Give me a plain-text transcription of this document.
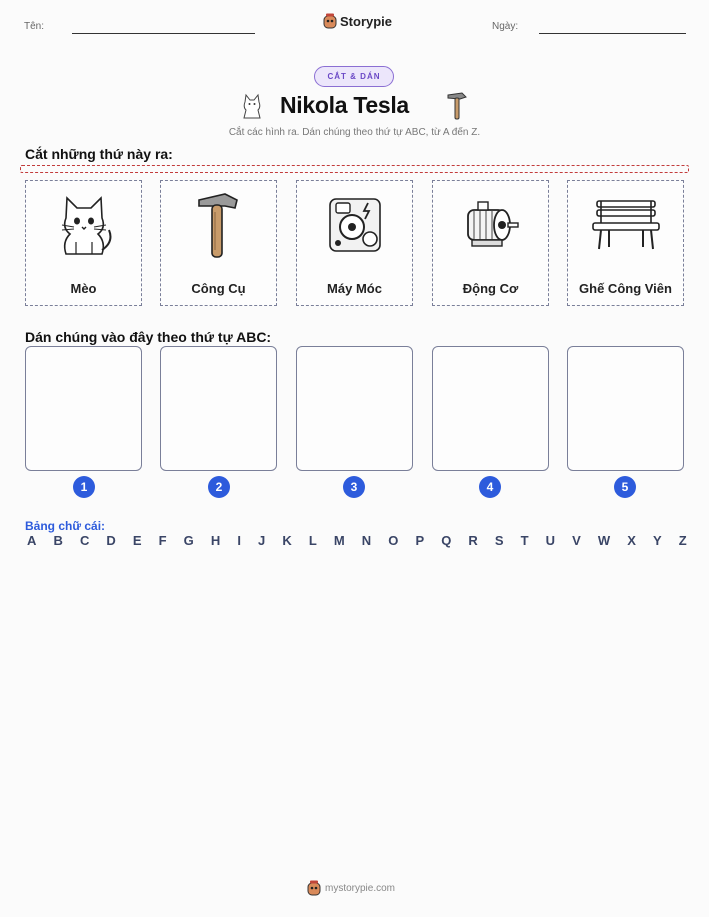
Tên:	Storypie	Ngày:
CẮT & DÁN
Nikola Tesla
Cắt các hình ra. Dán chúng theo thứ tự ABC, từ A đến Z.
Cắt những thứ này ra:
Mèo	Công Cụ	Máy Móc	Động Cơ	Ghế Công Viên
Dán chúng vào đây theo thứ tự ABC:
1	2	3	4	5
Bảng chữ cái:
A B C D E F G H I J K L M N O P Q R S T U V W X Y Z
mystorypie.com
